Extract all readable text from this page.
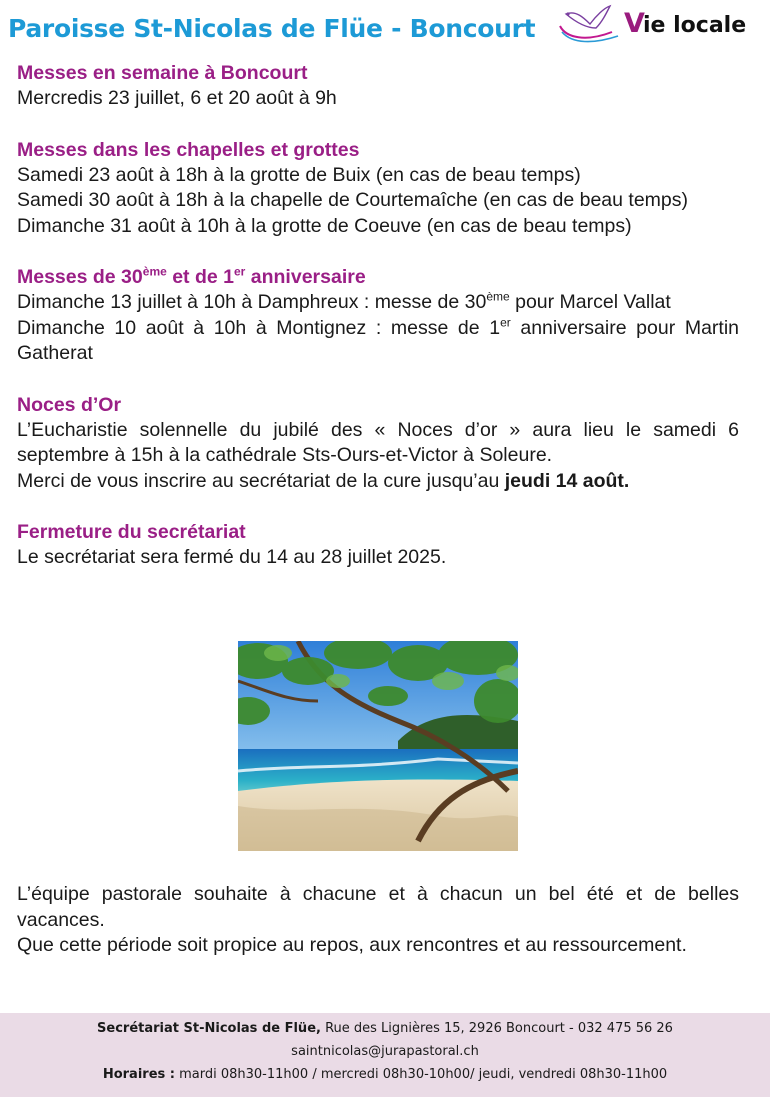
Paroisse St-Nicolas de Flüe - Boncourt	V
ie locale
Messes en semaine à Boncourt

Mercredis 23 juillet, 6 et 20 août à 9h

Messes dans les chapelles et grottes

Samedi 23 août à 18h à la grotte de Buix (en cas de beau temps)

Samedi 30 août à 18h à la chapelle de Courtemaîche (en cas de beau temps)

Dimanche 31 août à 10h à la grotte de Coeuve (en cas de beau temps)

Messes de 30ème et de 1er anniversaire

Dimanche 13 juillet à 10h à Damphreux : messe de 30ème pour Marcel Vallat

Dimanche 10 août à 10h à Montignez : messe de 1er anniversaire pour Martin Gatherat

Noces d’Or

L’Eucharistie solennelle du jubilé des « Noces d’or » aura lieu le samedi 6 septembre à 15h à la cathédrale Sts-Ours-et-Victor à Soleure.

Merci de vous inscrire au secrétariat de la cure jusqu’au jeudi 14 août.

Fermeture du secrétariat

Le secrétariat sera fermé du 14 au 28 juillet 2025.

L’équipe pastorale souhaite à chacune et à chacun un bel été et de belles vacances.

Que cette période soit propice au repos, aux rencontres et au ressourcement.

Secrétariat St-Nicolas de Flüe, Rue des Lignières 15, 2926 Boncourt - 032 475 56 26
saintnicolas@jurapastoral.ch
Horaires : mardi 08h30-11h00 / mercredi 08h30-10h00/ jeudi, vendredi 08h30-11h00
